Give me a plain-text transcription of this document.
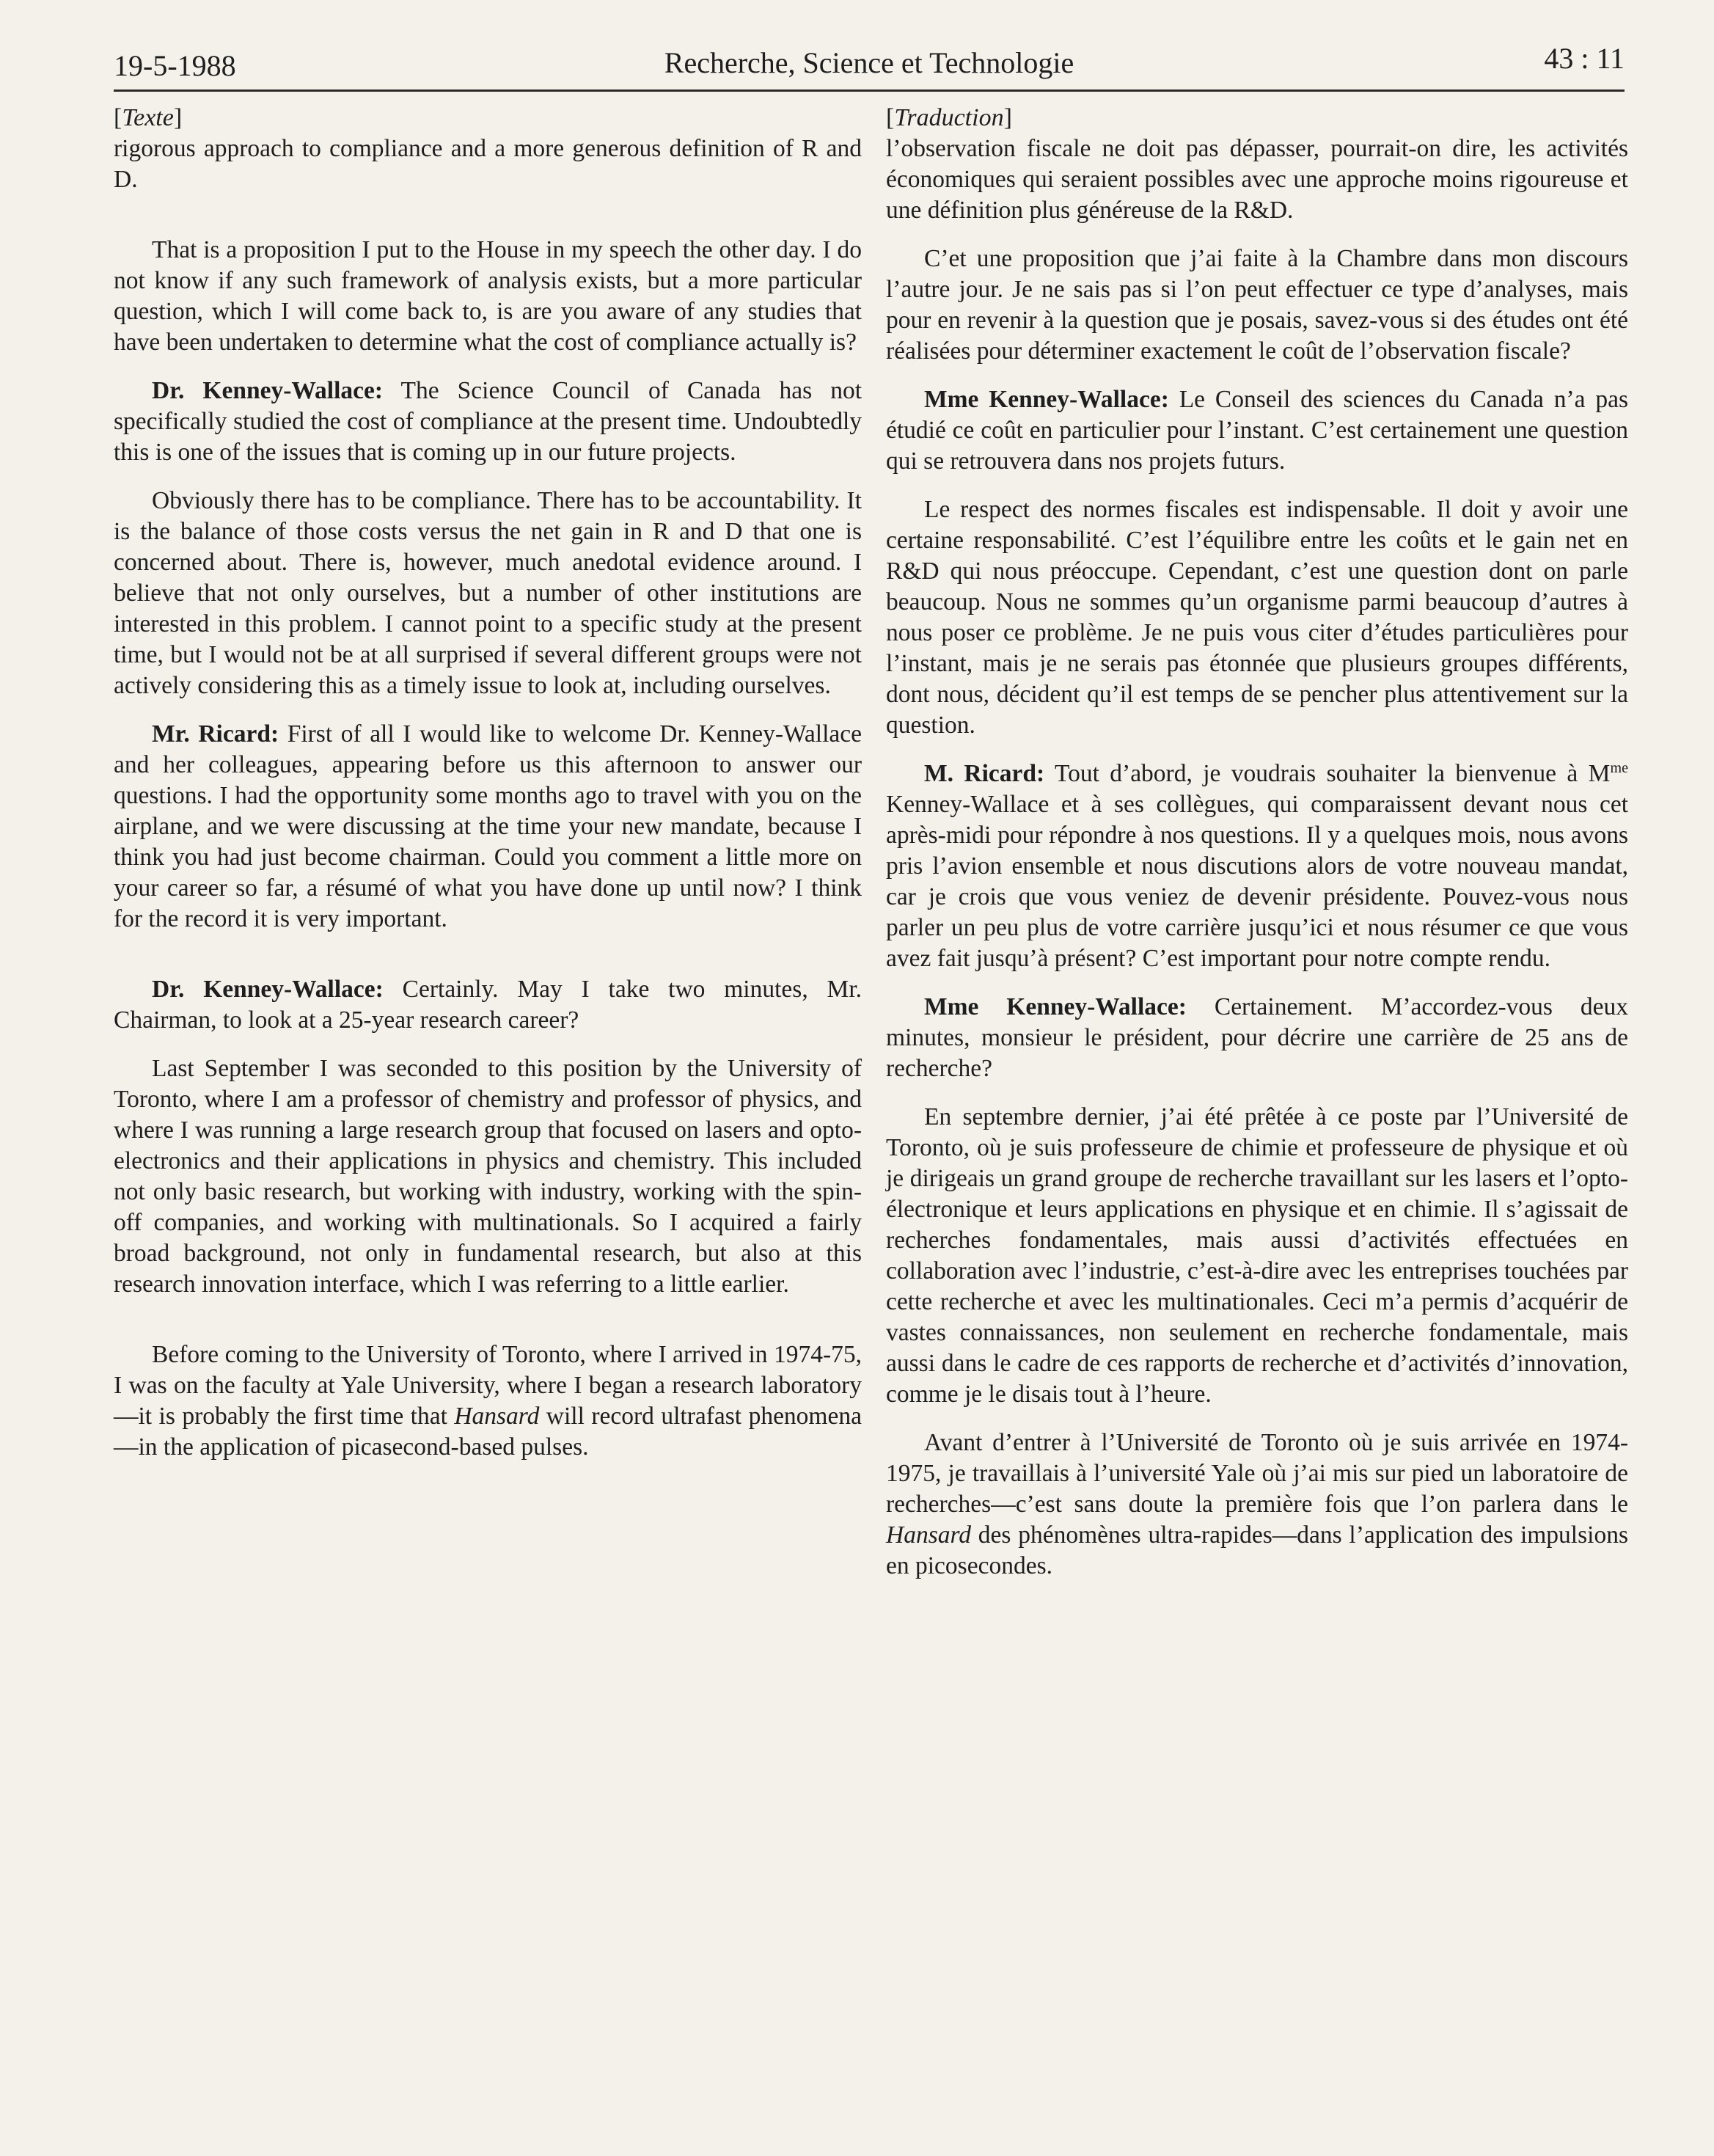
19-5-1988	Recherche, Science et Technologie	43 : 11
[Texte]

rigorous approach to compliance and a more generous definition of R and D.

That is a proposition I put to the House in my speech the other day. I do not know if any such framework of analysis exists, but a more particular question, which I will come back to, is are you aware of any studies that have been undertaken to determine what the cost of compliance actually is?

Dr. Kenney-Wallace: The Science Council of Canada has not specifically studied the cost of compliance at the present time. Undoubtedly this is one of the issues that is coming up in our future projects.

Obviously there has to be compliance. There has to be accountability. It is the balance of those costs versus the net gain in R and D that one is concerned about. There is, however, much anedotal evidence around. I believe that not only ourselves, but a number of other institutions are interested in this problem. I cannot point to a specific study at the present time, but I would not be at all surprised if several different groups were not actively considering this as a timely issue to look at, including ourselves.

Mr. Ricard: First of all I would like to welcome Dr. Kenney-Wallace and her colleagues, appearing before us this afternoon to answer our questions. I had the opportunity some months ago to travel with you on the airplane, and we were discussing at the time your new mandate, because I think you had just become chairman. Could you comment a little more on your career so far, a résumé of what you have done up until now? I think for the record it is very important.

Dr. Kenney-Wallace: Certainly. May I take two minutes, Mr. Chairman, to look at a 25-year research career?

Last September I was seconded to this position by the University of Toronto, where I am a professor of chemistry and professor of physics, and where I was running a large research group that focused on lasers and opto-electronics and their applications in physics and chemistry. This included not only basic research, but working with industry, working with the spin-off companies, and working with multinationals. So I acquired a fairly broad background, not only in fundamental research, but also at this research innovation interface, which I was referring to a little earlier.

Before coming to the University of Toronto, where I arrived in 1974-75, I was on the faculty at Yale University, where I began a research laboratory—it is probably the first time that Hansard will record ultrafast phenomena—in the application of picasecond-based pulses.

[Traduction]

l’observation fiscale ne doit pas dépasser, pourrait-on dire, les activités économiques qui seraient possibles avec une approche moins rigoureuse et une définition plus généreuse de la R&D.

C’et une proposition que j’ai faite à la Chambre dans mon discours l’autre jour. Je ne sais pas si l’on peut effectuer ce type d’analyses, mais pour en revenir à la question que je posais, savez-vous si des études ont été réalisées pour déterminer exactement le coût de l’observation fiscale?

Mme Kenney-Wallace: Le Conseil des sciences du Canada n’a pas étudié ce coût en particulier pour l’instant. C’est certainement une question qui se retrouvera dans nos projets futurs.

Le respect des normes fiscales est indispensable. Il doit y avoir une certaine responsabilité. C’est l’équilibre entre les coûts et le gain net en R&D qui nous préoccupe. Cependant, c’est une question dont on parle beaucoup. Nous ne sommes qu’un organisme parmi beaucoup d’autres à nous poser ce problème. Je ne puis vous citer d’études particulières pour l’instant, mais je ne serais pas étonnée que plusieurs groupes différents, dont nous, décident qu’il est temps de se pencher plus attentivement sur la question.

M. Ricard: Tout d’abord, je voudrais souhaiter la bienvenue à $M^{me}$ Kenney-Wallace et à ses collègues, qui comparaissent devant nous cet après-midi pour répondre à nos questions. Il y a quelques mois, nous avons pris l’avion ensemble et nous discutions alors de votre nouveau mandat, car je crois que vous veniez de devenir présidente. Pouvez-vous nous parler un peu plus de votre carrière jusqu’ici et nous résumer ce que vous avez fait jusqu’à présent? C’est important pour notre compte rendu.

Mme Kenney-Wallace: Certainement. M’accordez-vous deux minutes, monsieur le président, pour décrire une carrière de 25 ans de recherche?

En septembre dernier, j’ai été prêtée à ce poste par l’Université de Toronto, où je suis professeure de chimie et professeure de physique et où je dirigeais un grand groupe de recherche travaillant sur les lasers et l’opto-électronique et leurs applications en physique et en chimie. Il s’agissait de recherches fondamentales, mais aussi d’activités effectuées en collaboration avec l’industrie, c’est-à-dire avec les entreprises touchées par cette recherche et avec les multinationales. Ceci m’a permis d’acquérir de vastes connaissances, non seulement en recherche fondamentale, mais aussi dans le cadre de ces rapports de recherche et d’activités d’innovation, comme je le disais tout à l’heure.

Avant d’entrer à l’Université de Toronto où je suis arrivée en 1974-1975, je travaillais à l’université Yale où j’ai mis sur pied un laboratoire de recherches—c’est sans doute la première fois que l’on parlera dans le Hansard des phénomènes ultra-rapides—dans l’application des impulsions en picosecondes.
